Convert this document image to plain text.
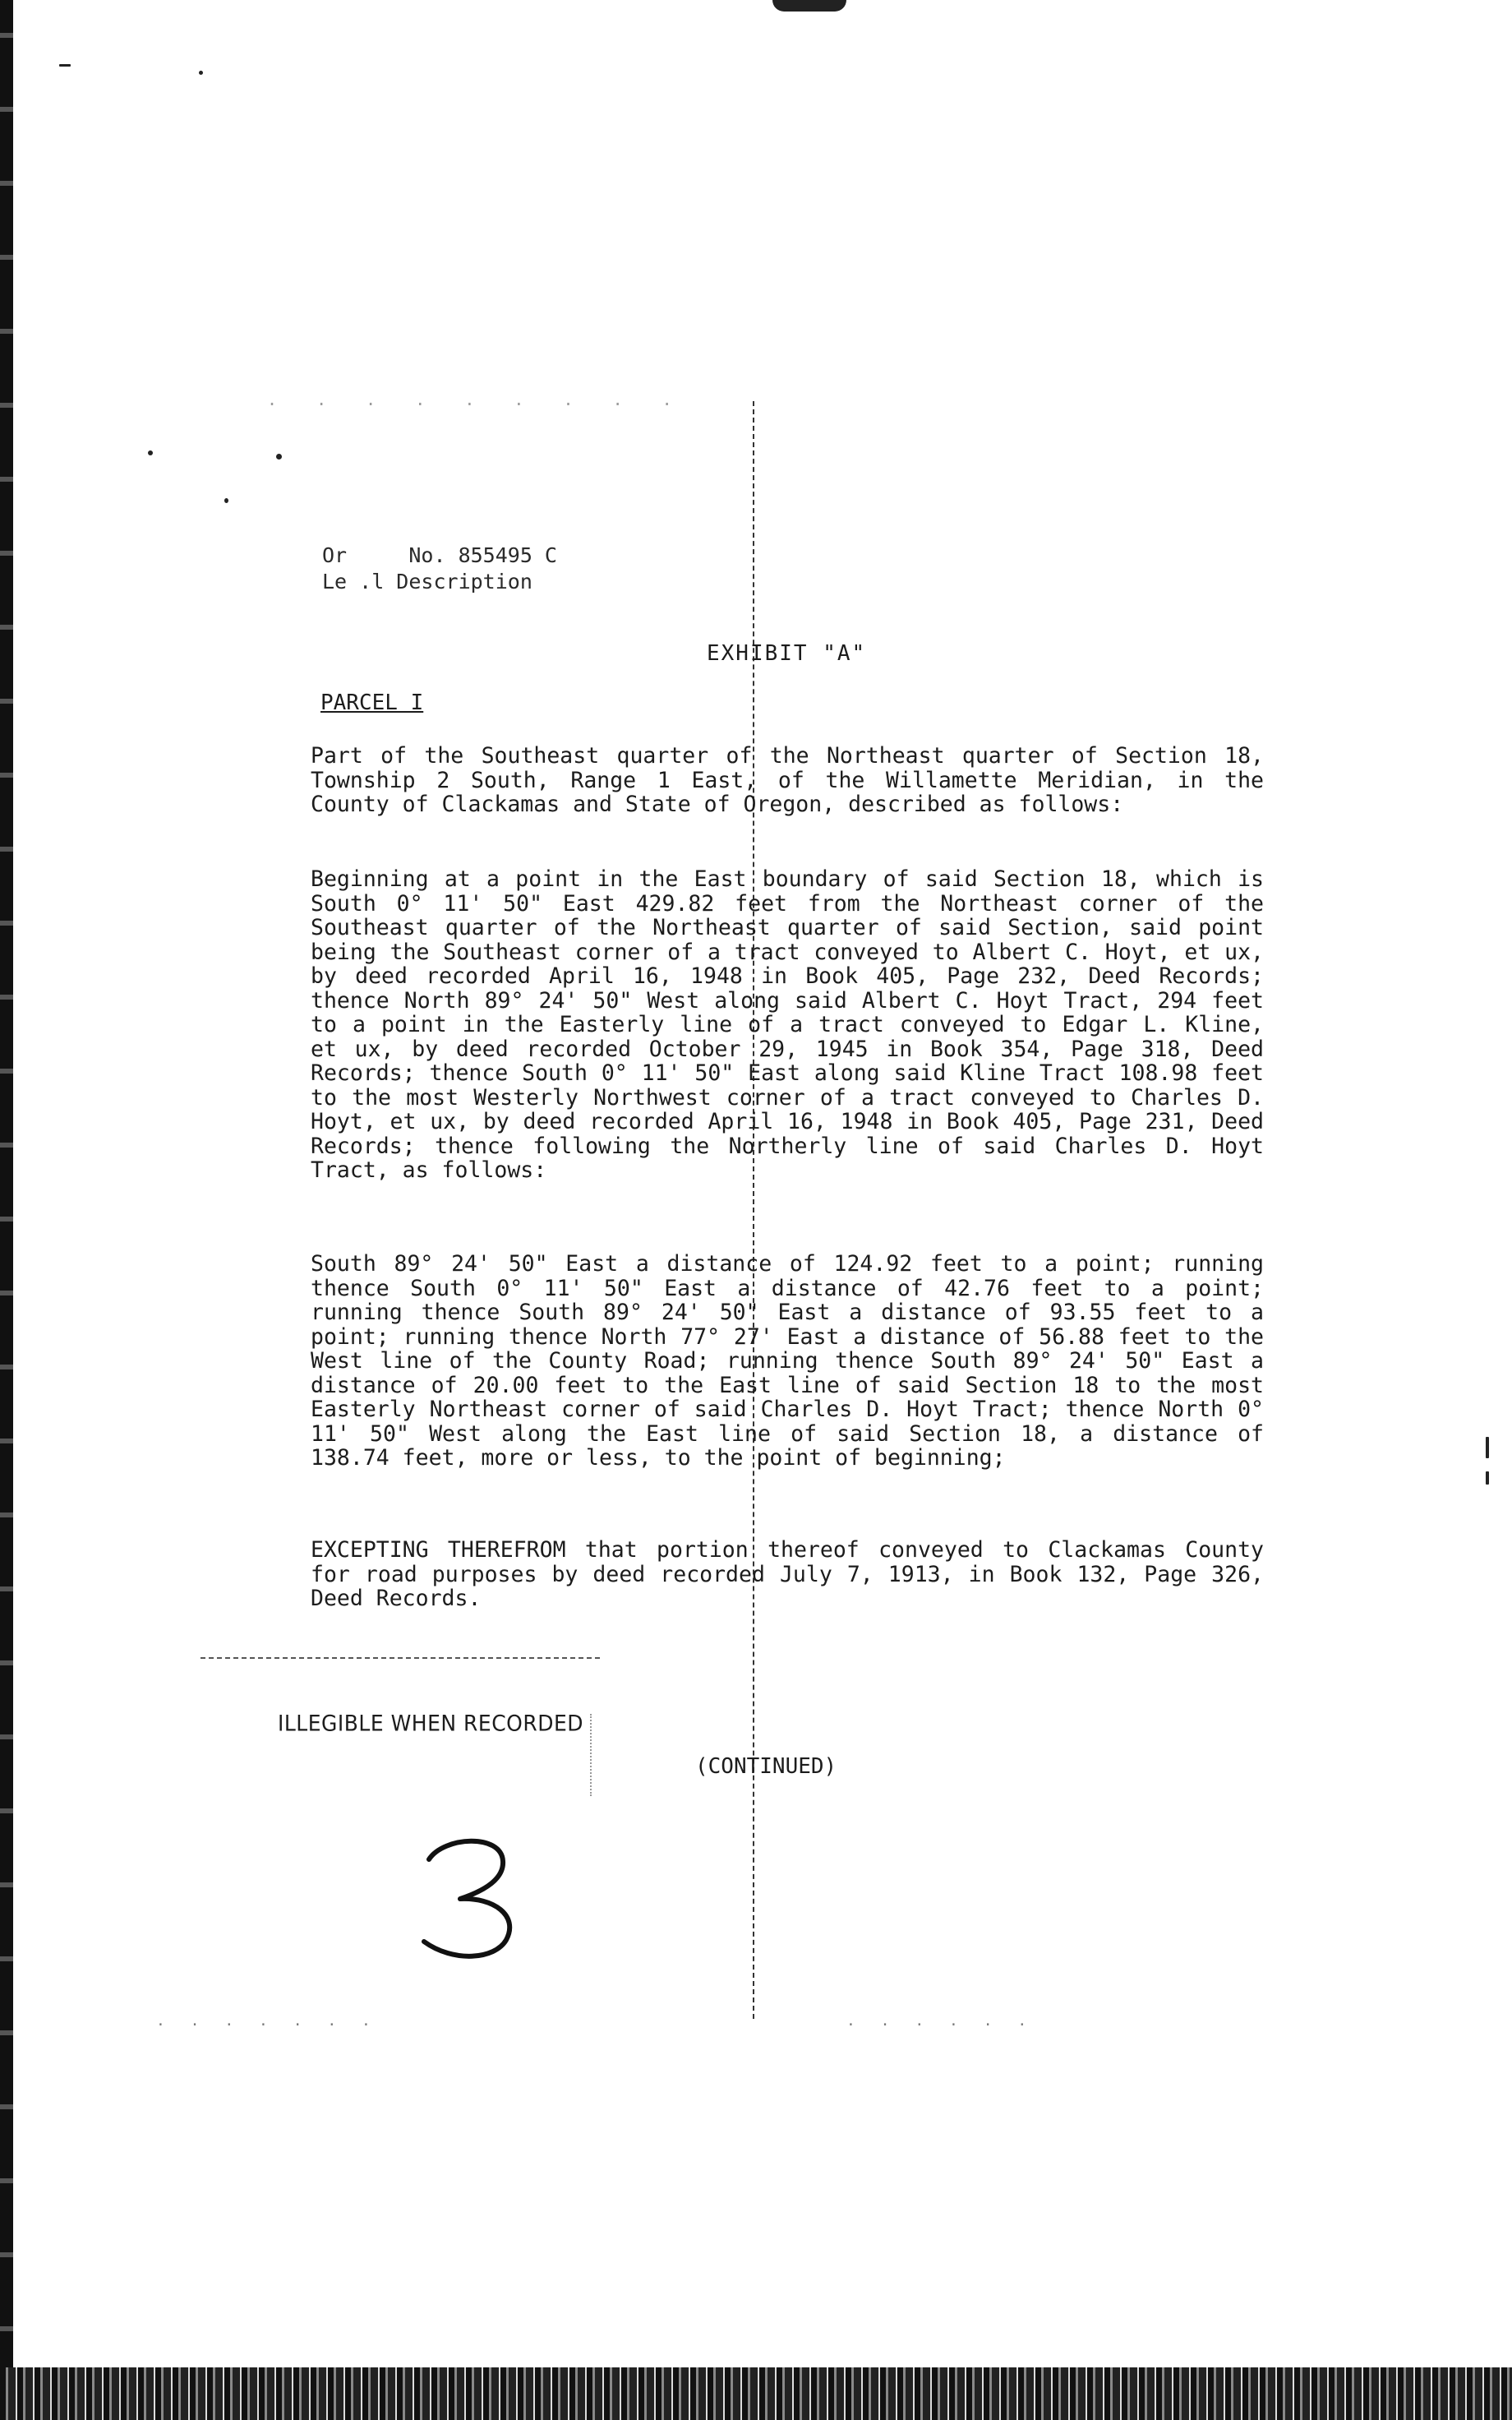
. . . . . . . . .
Or     No. 855495 C
Le .l Description
EXHIBIT "A"
PARCEL I
Part of the Southeast quarter of the Northeast quarter of Section 18, Township 2 South, Range 1 East, of the Willamette Meridian, in the County of Clackamas and State of Oregon, described as follows:
Beginning at a point in the East boundary of said Section 18, which is South 0° 11' 50" East 429.82 feet from the Northeast corner of the Southeast quarter of the Northeast quarter of said Section, said point being the Southeast corner of a tract conveyed to Albert C. Hoyt, et ux, by deed recorded April 16, 1948 in Book 405, Page 232, Deed Records; thence North 89° 24' 50" West along said Albert C. Hoyt Tract, 294 feet to a point in the Easterly line of a tract conveyed to Edgar L. Kline, et ux, by deed recorded October 29, 1945 in Book 354, Page 318, Deed Records; thence South 0° 11' 50" East along said Kline Tract 108.98 feet to the most Westerly Northwest corner of a tract conveyed to Charles D. Hoyt, et ux, by deed recorded April 16, 1948 in Book 405, Page 231, Deed Records; thence following the Northerly line of said Charles D. Hoyt Tract, as follows:
South 89° 24' 50" East a distance of 124.92 feet to a point; running thence South 0° 11' 50" East a distance of 42.76 feet to a point; running thence South 89° 24' 50" East a distance of 93.55 feet to a point; running thence North 77° 27' East a distance of 56.88 feet to the West line of the County Road; running thence South 89° 24' 50" East a distance of 20.00 feet to the East line of said Section 18 to the most Easterly Northeast corner of said Charles D. Hoyt Tract; thence North 0° 11' 50" West along the East line of said Section 18, a distance of 138.74 feet, more or less, to the point of beginning;
EXCEPTING THEREFROM that portion thereof conveyed to Clackamas County for road purposes by deed recorded July 7, 1913, in Book 132, Page 326, Deed Records.
ILLEGIBLE WHEN RECORDED
(CONTINUED)
3
. . . . . . .	. . . . . .
